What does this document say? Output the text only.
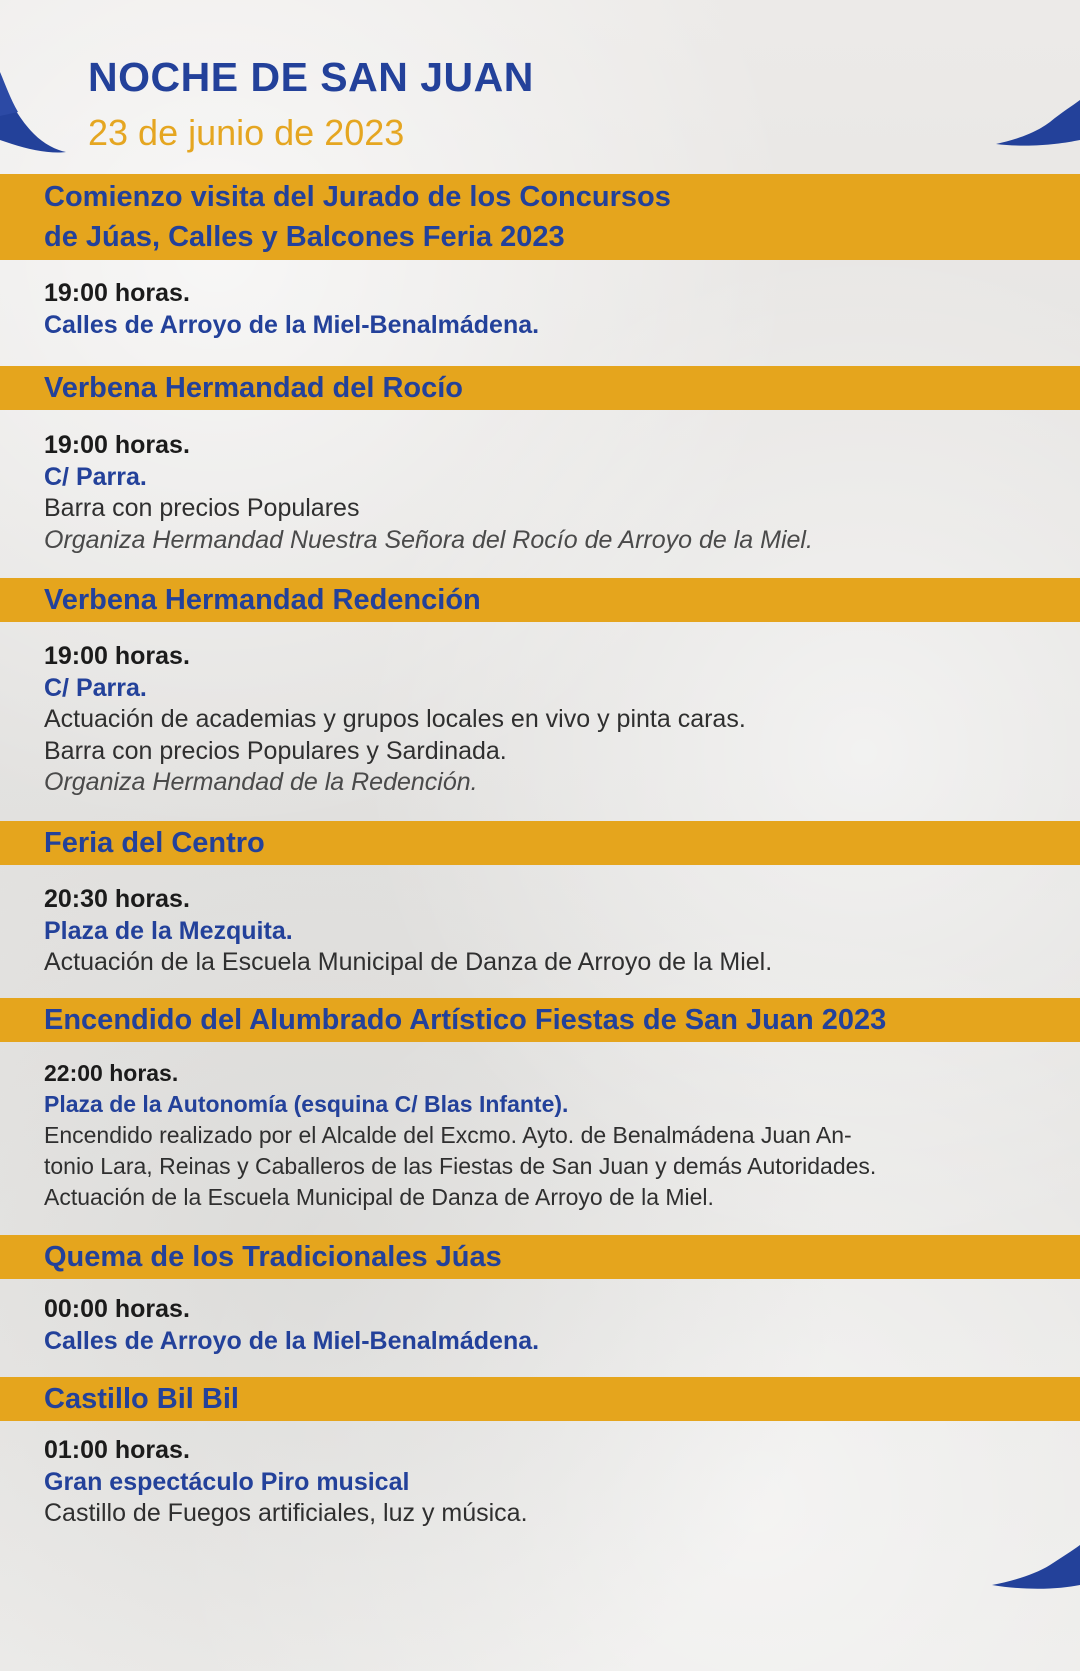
NOCHE DE SAN JUAN
23 de junio de 2023
Comienzo visita del Jurado de los Concursos
de Júas, Calles y Balcones Feria 2023
19:00 horas.
Calles de Arroyo de la Miel-Benalmádena.
Verbena Hermandad del Rocío
19:00 horas.
C/ Parra.
Barra con precios Populares
Organiza Hermandad Nuestra Señora del Rocío de Arroyo de la Miel.
Verbena Hermandad Redención
19:00 horas.
C/ Parra.
Actuación de academias y grupos locales en vivo y pinta caras.
Barra con precios Populares y Sardinada.
Organiza Hermandad de la Redención.
Feria del Centro
20:30 horas.
Plaza de la Mezquita.
Actuación de la Escuela Municipal de Danza de Arroyo de la Miel.
Encendido del Alumbrado Artístico Fiestas de San Juan 2023
22:00 horas.
Plaza de la Autonomía (esquina C/ Blas Infante).
Encendido realizado por el Alcalde del Excmo. Ayto. de Benalmádena Juan An-
tonio Lara, Reinas y Caballeros de las Fiestas de San Juan y demás Autoridades.
Actuación de la Escuela Municipal de Danza de Arroyo de la Miel.
Quema de los Tradicionales Júas
00:00 horas.
Calles de Arroyo de la Miel-Benalmádena.
Castillo Bil Bil
01:00 horas.
Gran espectáculo Piro musical
Castillo de Fuegos artificiales, luz y música.
